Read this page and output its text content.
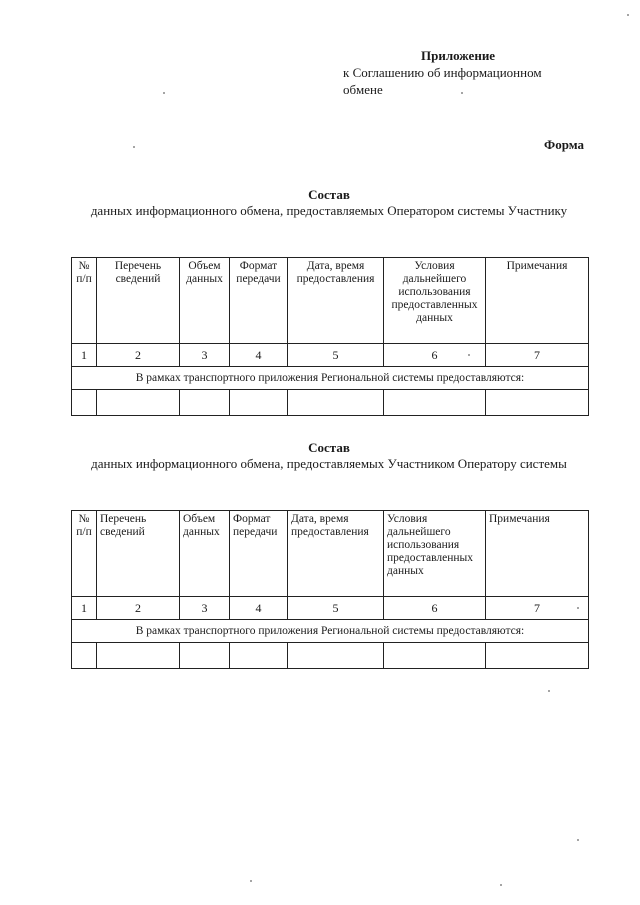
Приложение
к Соглашению об информационном
обмене
Форма
Состав
данных информационного обмена, предоставляемых Оператором системы Участнику
№ п/п	Перечень сведений	Объем данных	Формат передачи	Дата, время предоставления	Условия дальнейшего использования предоставленных данных	Примечания
1	2	3	4	5	6	7
В рамках транспортного приложения Региональной системы предоставляются:						

Состав
данных информационного обмена, предоставляемых Участником Оператору системы
№ п/п	Перечень сведений	Объем данных	Формат передачи	Дата, время предоставления	Условия дальнейшего использования предоставленных данных	Примечания
1	2	3	4	5	6	7
В рамках транспортного приложения Региональной системы предоставляются:						
